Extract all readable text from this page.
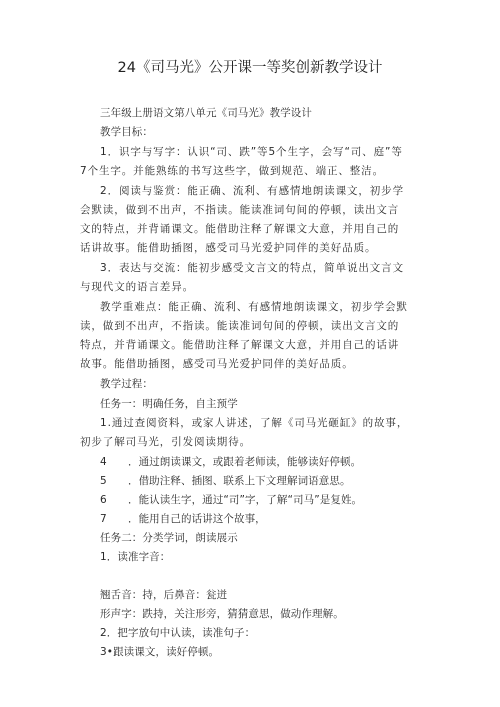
24《司马光》公开课一等奖创新教学设计
三年级上册语文第八单元《司马光》教学设计
教学目标：
1．识字与写字：认识“司、跌”等5个生字，会写“司、庭”等7个生字。并能熟练的书写这些字，做到规范、端正、整洁。
2．阅读与鉴赏：能正确、流利、有感情地朗读课文，初步学会默读，做到不出声，不指读。能读准词句间的停顿，读出文言文的特点，并背诵课文。能借助注释了解课文大意，并用自己的话讲故事。能借助插图，感受司马光爱护同伴的美好品质。
3．表达与交流：能初步感受文言文的特点，简单说出文言文与现代文的语言差异。
教学重难点：能正确、流利、有感情地朗读课文，初步学会默读，做到不出声，不指读。能读准词句间的停顿，读出文言文的特点，并背诵课文。能借助注释了解课文大意，并用自己的话讲故事。能借助插图，感受司马光爱护同伴的美好品质。
教学过程：
任务一：明确任务，自主预学
1.通过查阅资料，或家人讲述，了解《司马光砸缸》的故事，初步了解司马光，引发阅读期待。
4　　．通过朗读课文，或跟着老师读，能够读好停顿。
5　　．借助注释、插图、联系上下文理解词语意思。
6　　．能认读生字，通过“司”字，了解“司马”是复姓。
7　　．能用自己的话讲这个故事，
任务二：分类学词，朗读展示
1．读准字音：
翘舌音：持，后鼻音：瓮迸
形声字：跌持，关注形旁，猜猜意思，做动作理解。
2．把字放句中认读，读准句子：
3•跟读课文，读好停顿。
